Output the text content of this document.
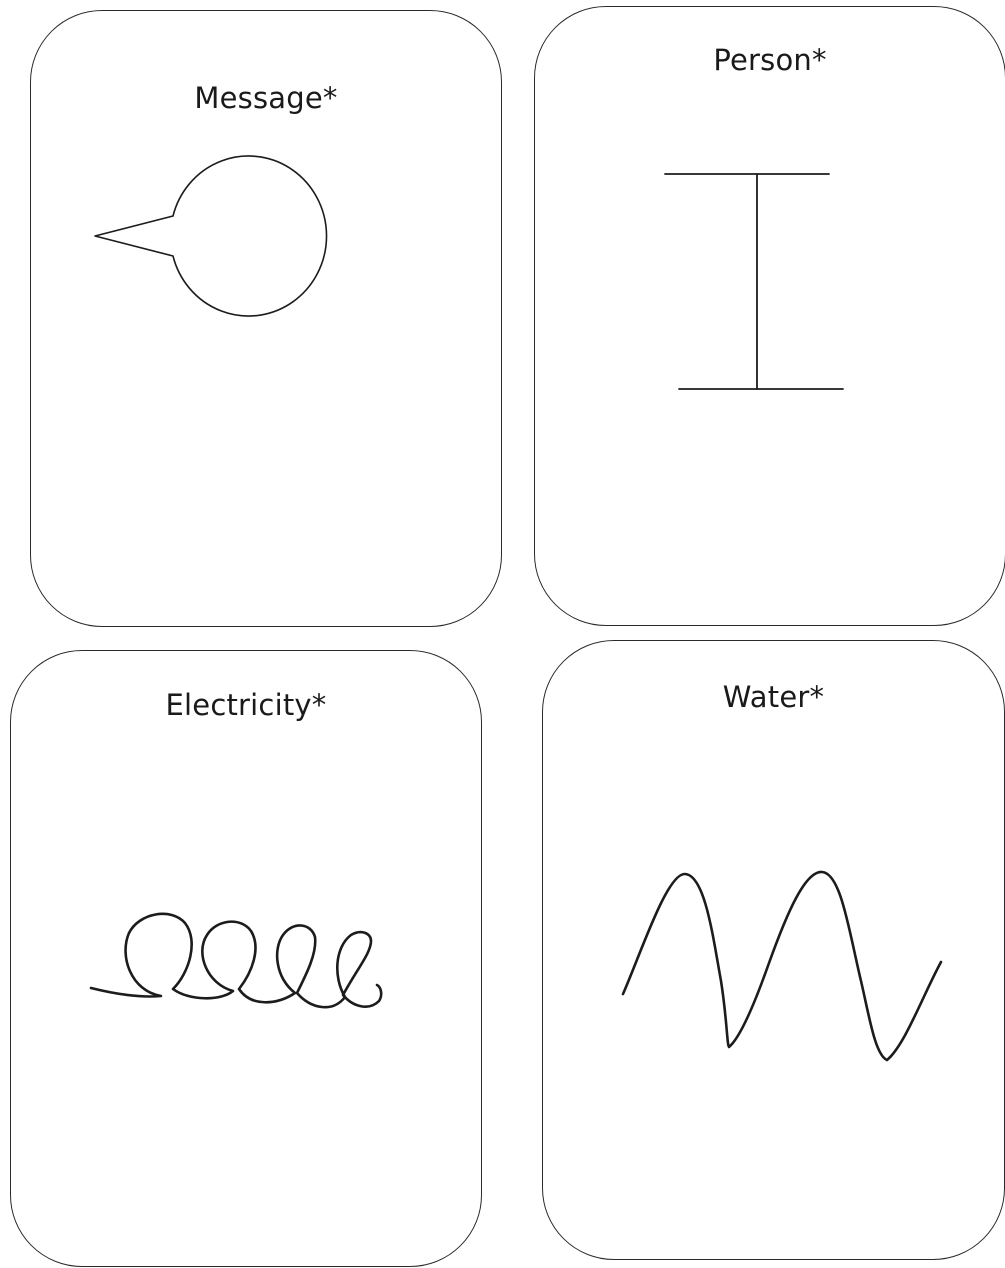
Message*
Person*
Electricity*	Water*
